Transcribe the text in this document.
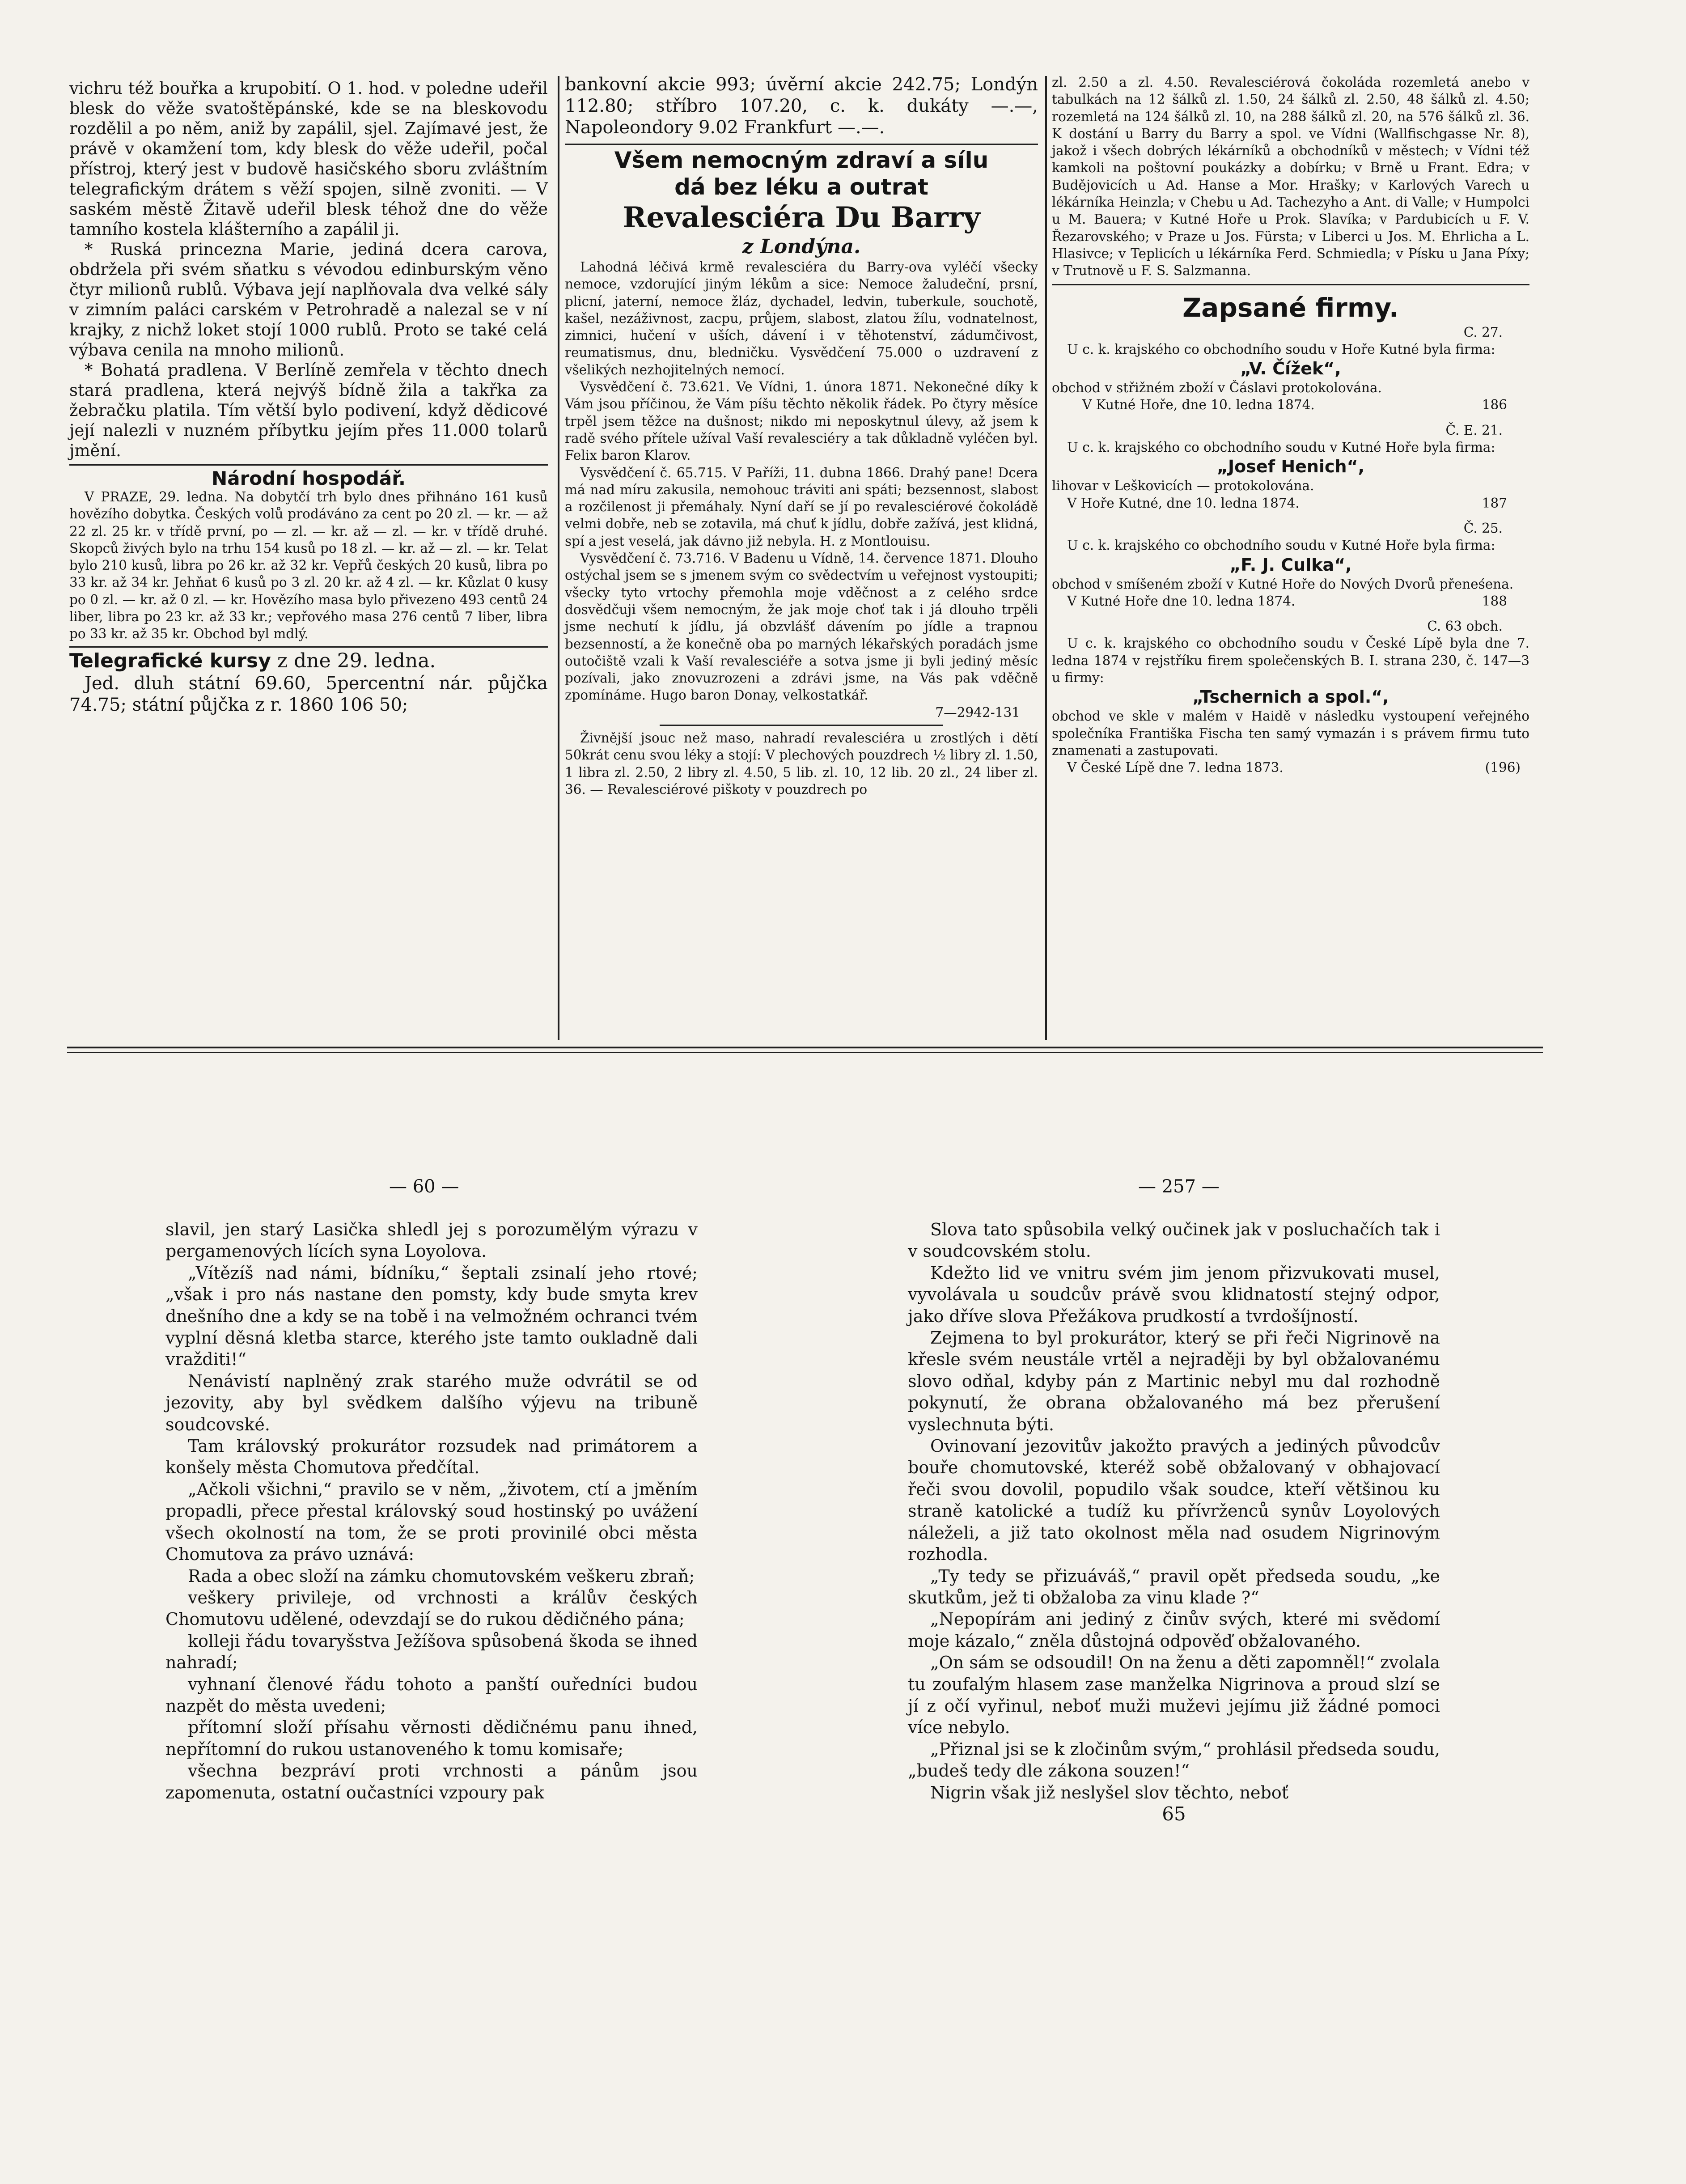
vichru též bouřka a krupobití. O 1. hod. v poledne udeřil blesk do věže svatoštěpánské, kde se na bleskovodu rozdělil a po něm, aniž by zapálil, sjel. Zajímavé jest, že právě v okamžení tom, kdy blesk do věže udeřil, počal přístroj, který jest v budově hasičského sboru zvláštním telegrafickým drátem s věží spojen, silně zvoniti. — V saském městě Žitavě udeřil blesk téhož dne do věže tamního kostela klášterního a zapálil ji.

* Ruská princezna Marie, jediná dcera carova, obdržela při svém sňatku s vévodou edinburským věno čtyr milionů rublů. Výbava její naplňovala dva velké sály v zimním paláci carském v Petrohradě a nalezal se v ní krajky, z nichž loket stojí 1000 rublů. Proto se také celá výbava cenila na mnoho milionů.

* Bohatá pradlena. V Berlíně zemřela v těchto dnech stará pradlena, která nejvýš bídně žila a takřka za žebračku platila. Tím větší bylo podivení, když dědicové její nalezli v nuzném příbytku jejím přes 11.000 tolarů jmění.

Národní hospodář.

V PRAZE, 29. ledna. Na dobytčí trh bylo dnes přihnáno 161 kusů hovězího dobytka. Českých volů prodáváno za cent po 20 zl. — kr. — až 22 zl. 25 kr. v třídě první, po — zl. — kr. až — zl. — kr. v třídě druhé. Skopců živých bylo na trhu 154 kusů po 18 zl. — kr. až — zl. — kr. Telat bylo 210 kusů, libra po 26 kr. až 32 kr. Vepřů českých 20 kusů, libra po 33 kr. až 34 kr. Jehňat 6 kusů po 3 zl. 20 kr. až 4 zl. — kr. Kůzlat 0 kusy po 0 zl. — kr. až 0 zl. — kr. Hovězího masa bylo přivezeno 493 centů 24 liber, libra po 23 kr. až 33 kr.; vepřového masa 276 centů 7 liber, libra po 33 kr. až 35 kr. Obchod byl mdlý.

Telegrafické kursy z dne 29. ledna.

Jed. dluh státní 69.60, 5percentní nár. půjčka 74.75; státní půjčka z r. 1860 106 50;

bankovní akcie 993; úvěrní akcie 242.75; Londýn 112.80; stříbro 107.20, c. k. dukáty —.—, Napoleondory 9.02 Frankfurt —.—.

Všem nemocným zdraví a sílu

dá bez léku a outrat

Revalesciéra Du Barry

z Londýna.

Lahodná léčivá krmě revalesciéra du Barry-ova vyléčí všecky nemoce, vzdorující jiným lékům a sice: Nemoce žaludeční, prsní, plicní, jaterní, nemoce žláz, dychadel, ledvin, tuberkule, souchotě, kašel, nezáživnost, zacpu, průjem, slabost, zlatou žílu, vodnatelnost, zimnici, hučení v uších, dávení i v těhotenství, zádumčivost, reumatismus, dnu, bledničku. Vysvědčení 75.000 o uzdravení z všelikých nezhojitelných nemocí.

Vysvědčení č. 73.621. Ve Vídni, 1. února 1871. Nekonečné díky k Vám jsou příčinou, že Vám píšu těchto několik řádek. Po čtyry měsíce trpěl jsem těžce na dušnost; nikdo mi neposkytnul úlevy, až jsem k radě svého přítele užíval Vaší revalesciéry a tak důkladně vyléčen byl. Felix baron Klarov.

Vysvědčení č. 65.715. V Paříži, 11. dubna 1866. Drahý pane! Dcera má nad míru zakusila, nemohouc tráviti ani spáti; bezsennost, slabost a rozčilenost ji přemáhaly. Nyní daří se jí po revalesciérové čokoládě velmi dobře, neb se zotavila, má chuť k jídlu, dobře zažívá, jest klidná, spí a jest veselá, jak dávno již nebyla. H. z Montlouisu.

Vysvědčení č. 73.716. V Badenu u Vídně, 14. července 1871. Dlouho ostýchal jsem se s jmenem svým co svědectvím u veřejnost vystoupiti; všecky tyto vrtochy přemohla moje vděčnost a z celého srdce dosvědčuji všem nemocným, že jak moje choť tak i já dlouho trpěli jsme nechutí k jídlu, já obzvlášť dávením po jídle a trapnou bezsenností, a že konečně oba po marných lékařských poradách jsme outočiště vzali k Vaší revalesciéře a sotva jsme ji byli jediný měsíc pozívali, jako znovuzrozeni a zdrávi jsme, na Vás pak vděčně zpomínáme. Hugo baron Donay, velkostatkář.

7—2942-131

Živnější jsouc než maso, nahradí revalesciéra u zrostlých i dětí 50krát cenu svou léky a stojí: V plechových pouzdrech ½ libry zl. 1.50, 1 libra zl. 2.50, 2 libry zl. 4.50, 5 lib. zl. 10, 12 lib. 20 zl., 24 liber zl. 36. — Revalesciérové piškoty v pouzdrech po

zl. 2.50 a zl. 4.50. Revalesciérová čokoláda rozemletá anebo v tabulkách na 12 šálků zl. 1.50, 24 šálků zl. 2.50, 48 šálků zl. 4.50; rozemletá na 124 šálků zl. 10, na 288 šálků zl. 20, na 576 šálků zl. 36. K dostání u Barry du Barry a spol. ve Vídni (Wallfischgasse Nr. 8), jakož i všech dobrých lékárníků a obchodníků v městech; v Vídni též kamkoli na poštovní poukázky a dobírku; v Brně u Frant. Edra; v Budějovicích u Ad. Hanse a Mor. Hrašky; v Karlových Varech u lékárníka Heinzla; v Chebu u Ad. Tachezyho a Ant. di Valle; v Humpolci u M. Bauera; v Kutné Hoře u Prok. Slavíka; v Pardubicích u F. V. Řezarovského; v Praze u Jos. Fürsta; v Liberci u Jos. M. Ehrlicha a L. Hlasivce; v Teplicích u lékárníka Ferd. Schmiedla; v Písku u Jana Píxy; v Trutnově u F. S. Salzmanna.

Zapsané firmy.

C. 27.

U c. k. krajského co obchodního soudu v Hoře Kutné byla firma:

„V. Čížek“,

obchod v střižném zboží v Čáslavi protokolována.

V Kutné Hoře, dne 10. ledna 1874.	186

Č. E. 21.

U c. k. krajského co obchodního soudu v Kutné Hoře byla firma:

„Josef Henich“,

lihovar v Leškovicích — protokolována.

V Hoře Kutné, dne 10. ledna 1874.	187

Č. 25.

U c. k. krajského co obchodního soudu v Kutné Hoře byla firma:

„F. J. Culka“,

obchod v smíšeném zboží v Kutné Hoře do Nových Dvorů přeneśena.

V Kutné Hoře dne 10. ledna 1874.	188

C. 63 obch.

U c. k. krajského co obchodního soudu v České Lípě byla dne 7. ledna 1874 v rejstříku firem společenských B. I. strana 230, č. 147—3 u firmy:

„Tschernich a spol.“,

obchod ve skle v malém v Haidě v následku vystoupení veřejného společníka Františka Fischa ten samý vymazán i s právem firmu tuto znamenati a zastupovati.

V České Lípě dne 7. ledna 1873.	(196)
— 60 —	— 257 —

slavil, jen starý Lasička shledl jej s porozumělým výrazu v pergamenových lících syna Loyolova.

„Vítězíš nad námi, bídníku,“ šeptali zsinalí jeho rtové; „však i pro nás nastane den pomsty, kdy bude smyta krev dnešního dne a kdy se na tobě i na velmožném ochranci tvém vyplní děsná kletba starce, kterého jste tamto oukladně dali vražditi!“

Nenávistí naplněný zrak starého muže odvrátil se od jezovity, aby byl svědkem dalšího výjevu na tribuně soudcovské.

Tam královský prokurátor rozsudek nad primátorem a konšely města Chomutova předčítal.

„Ačkoli všichni,“ pravilo se v něm, „životem, ctí a jměním propadli, přece přestal královský soud hostinský po uvážení všech okolností na tom, že se proti provinilé obci města Chomutova za právo uznává:

Rada a obec složí na zámku chomutovském veškeru zbraň;

veškery privileje, od vrchnosti a králův českých Chomutovu udělené, odevzdají se do rukou dědičného pána;

kolleji řádu tovaryšstva Ježíšova spůsobená škoda se ihned nahradí;

vyhnaní členové řádu tohoto a panští ouředníci budou nazpět do města uvedeni;

přítomní složí přísahu věrnosti dědičnému panu ihned, nepřítomní do rukou ustanoveného k tomu komisaře;

všechna bezpráví proti vrchnosti a pánům jsou zapomenuta, ostatní oučastníci vzpoury pak

Slova tato spůsobila velký oučinek jak v posluchačích tak i v soudcovském stolu.

Kdežto lid ve vnitru svém jim jenom přizvukovati musel, vyvolávala u soudcův právě svou klidnatostí stejný odpor, jako dříve slova Přežákova prudkostí a tvrdošíjností.

Zejmena to byl prokurátor, který se při řeči Nigrinově na křesle svém neustále vrtěl a nejraději by byl obžalovanému slovo odňal, kdyby pán z Martinic nebyl mu dal rozhodně pokynutí, že obrana obžalovaného má bez přerušení vyslechnuta býti.

Ovinovaní jezovitův jakožto pravých a jediných původcův bouře chomutovské, kteréž sobě obžalovaný v obhajovací řeči svou dovolil, popudilo však soudce, kteří většinou ku straně katolické a tudíž ku přívrženců synův Loyolových náleželi, a již tato okolnost měla nad osudem Nigrinovým rozhodla.

„Ty tedy se přizuáváš,“ pravil opět předseda soudu, „ke skutkům, jež ti obžaloba za vinu klade ?“

„Nepopírám ani jediný z činův svých, které mi svědomí moje kázalo,“ zněla důstojná odpověď obžalovaného.

„On sám se odsoudil! On na ženu a děti zapomněl!“ zvolala tu zoufalým hlasem zase manželka Nigrinova a proud slzí se jí z očí vyřinul, neboť muži muževi jejímu již žádné pomoci více nebylo.

„Přiznal jsi se k zločinům svým,“ prohlásil předseda soudu, „budeš tedy dle zákona souzen!“

Nigrin však již neslyšel slov těchto, neboť

65
